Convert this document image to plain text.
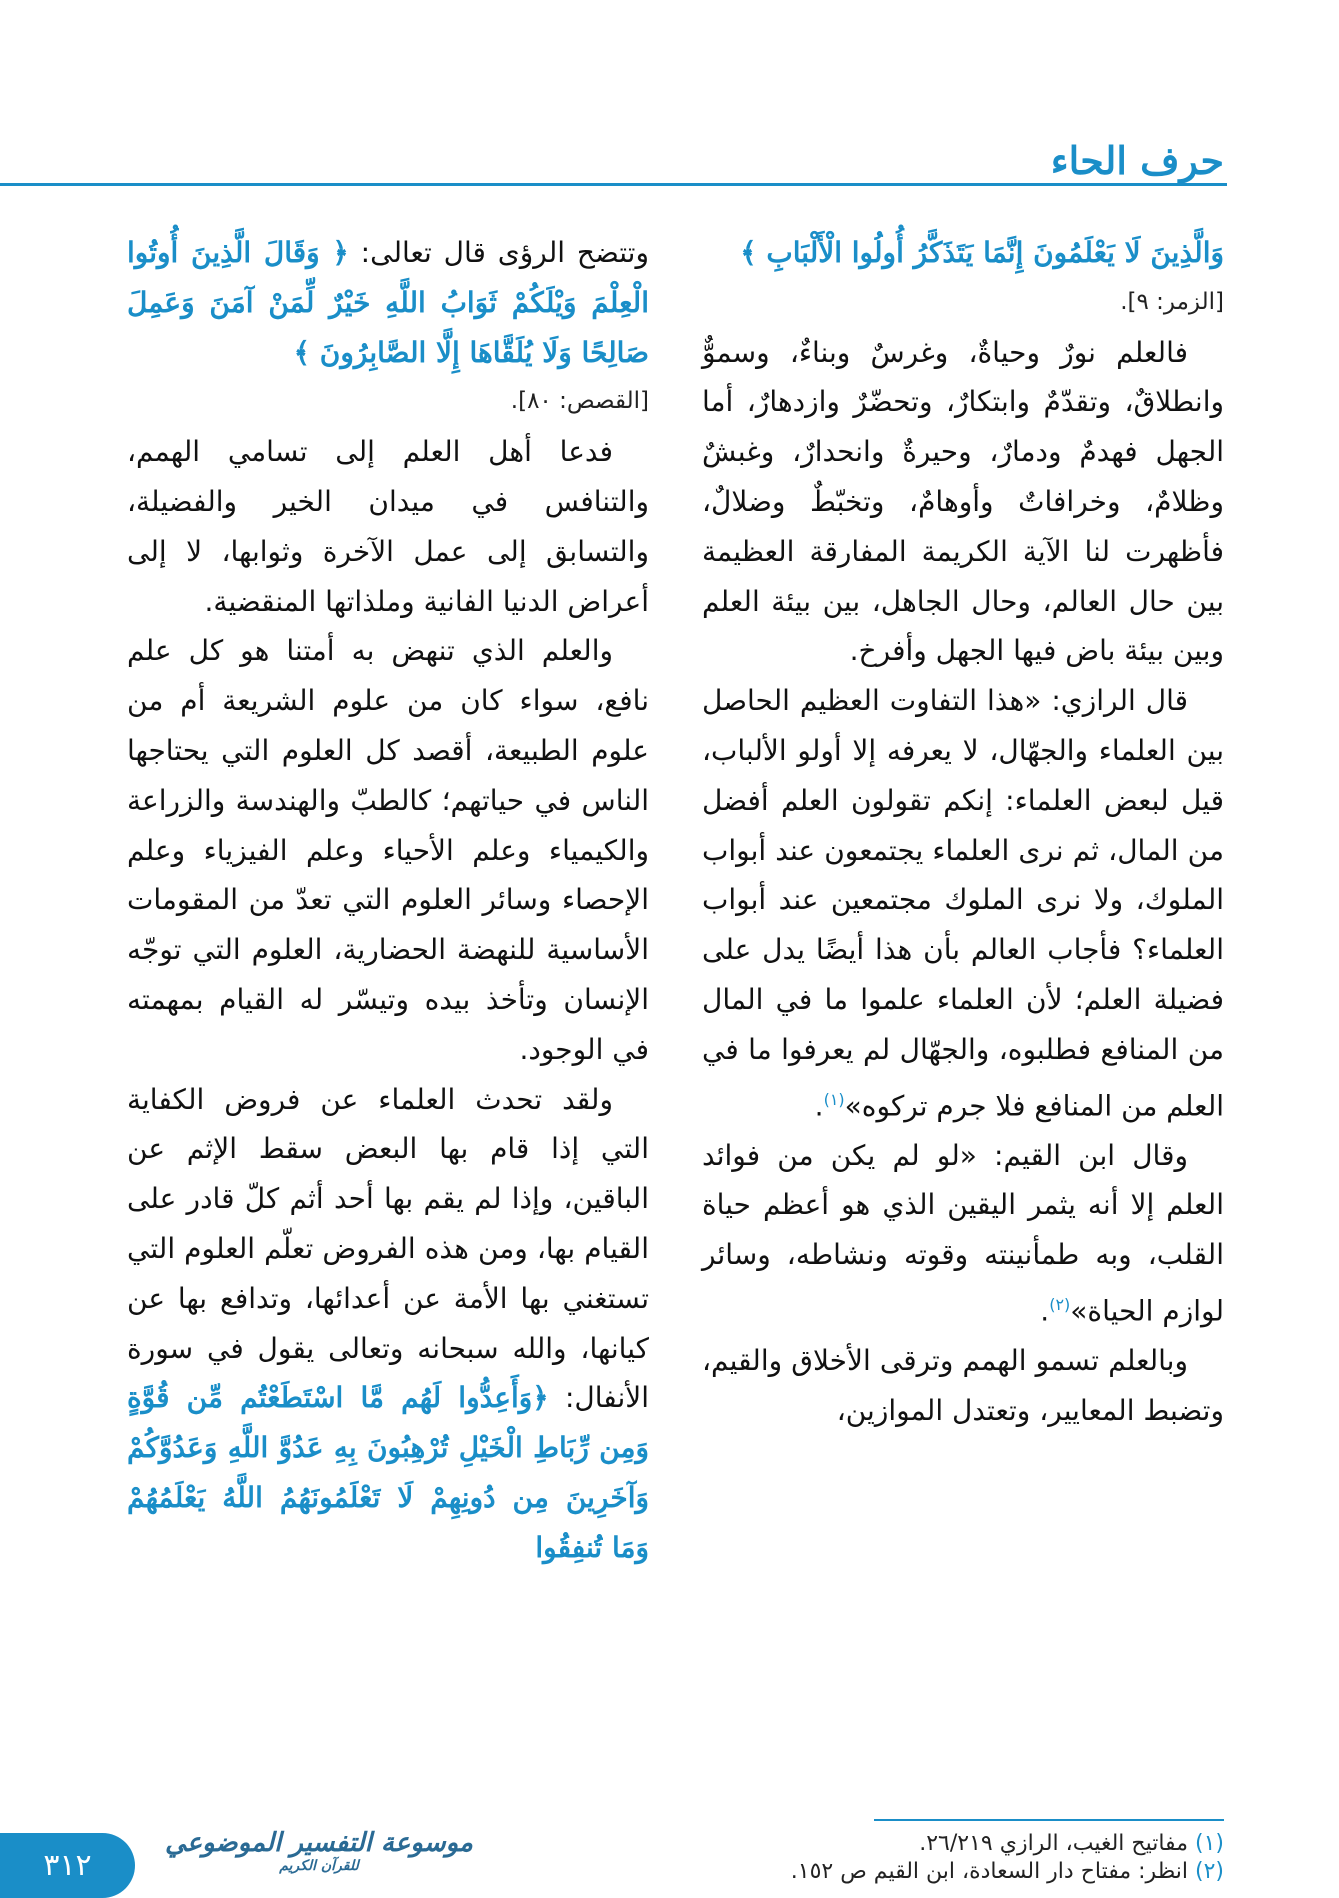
حرف الحاء

وَالَّذِينَ لَا يَعْلَمُونَ إِنَّمَا يَتَذَكَّرُ أُولُوا الْأَلْبَابِ ﴾

[الزمر: ٩].

فالعلم نورٌ وحياةٌ، وغرسٌ وبناءٌ، وسموٌّ وانطلاقٌ، وتقدّمٌ وابتكارٌ، وتحضّرٌ وازدهارٌ، أما الجهل فهدمٌ ودمارٌ، وحيرةٌ وانحدارٌ، وغبشٌ وظلامٌ، وخرافاتٌ وأوهامٌ، وتخبّطٌ وضلالٌ، فأظهرت لنا الآية الكريمة المفارقة العظيمة بين حال العالم، وحال الجاهل، بين بيئة العلم وبين بيئة باض فيها الجهل وأفرخ.

قال الرازي: «هذا التفاوت العظيم الحاصل بين العلماء والجهّال، لا يعرفه إلا أولو الألباب، قيل لبعض العلماء: إنكم تقولون العلم أفضل من المال، ثم نرى العلماء يجتمعون عند أبواب الملوك، ولا نرى الملوك مجتمعين عند أبواب العلماء؟ فأجاب العالم بأن هذا أيضًا يدل على فضيلة العلم؛ لأن العلماء علموا ما في المال من المنافع فطلبوه، والجهّال لم يعرفوا ما في العلم من المنافع فلا جرم تركوه»$^{(١)}$.

وقال ابن القيم: «لو لم يكن من فوائد العلم إلا أنه يثمر اليقين الذي هو أعظم حياة القلب، وبه طمأنينته وقوته ونشاطه، وسائر لوازم الحياة»$^{(٢)}$.

وبالعلم تسمو الهمم وترقى الأخلاق والقيم، وتضبط المعايير، وتعتدل الموازين،

وتتضح الرؤى قال تعالى: ﴿ وَقَالَ الَّذِينَ أُوتُوا الْعِلْمَ وَيْلَكُمْ ثَوَابُ اللَّهِ خَيْرٌ لِّمَنْ آمَنَ وَعَمِلَ صَالِحًا وَلَا يُلَقَّاهَا إِلَّا الصَّابِرُونَ ﴾

[القصص: ٨٠].

فدعا أهل العلم إلى تسامي الهمم، والتنافس في ميدان الخير والفضيلة، والتسابق إلى عمل الآخرة وثوابها، لا إلى أعراض الدنيا الفانية وملذاتها المنقضية.

والعلم الذي تنهض به أمتنا هو كل علم نافع، سواء كان من علوم الشريعة أم من علوم الطبيعة، أقصد كل العلوم التي يحتاجها الناس في حياتهم؛ كالطبّ والهندسة والزراعة والكيمياء وعلم الأحياء وعلم الفيزياء وعلم الإحصاء وسائر العلوم التي تعدّ من المقومات الأساسية للنهضة الحضارية، العلوم التي توجّه الإنسان وتأخذ بيده وتيسّر له القيام بمهمته في الوجود.

ولقد تحدث العلماء عن فروض الكفاية التي إذا قام بها البعض سقط الإثم عن الباقين، وإذا لم يقم بها أحد أثم كلّ قادر على القيام بها، ومن هذه الفروض تعلّم العلوم التي تستغني بها الأمة عن أعدائها، وتدافع بها عن كيانها، والله سبحانه وتعالى يقول في سورة الأنفال: ﴿وَأَعِدُّوا لَهُم مَّا اسْتَطَعْتُم مِّن قُوَّةٍ وَمِن رِّبَاطِ الْخَيْلِ تُرْهِبُونَ بِهِ عَدُوَّ اللَّهِ وَعَدُوَّكُمْ وَآخَرِينَ مِن دُونِهِمْ لَا تَعْلَمُونَهُمُ اللَّهُ يَعْلَمُهُمْ وَمَا تُنفِقُوا

(١) مفاتيح الغيب، الرازي ٢٦/٢١٩.
(٢) انظر: مفتاح دار السعادة، ابن القيم ص ١٥٢.
٣١٢
موسوعة التفسير الموضوعي
للقرآن الكريم
